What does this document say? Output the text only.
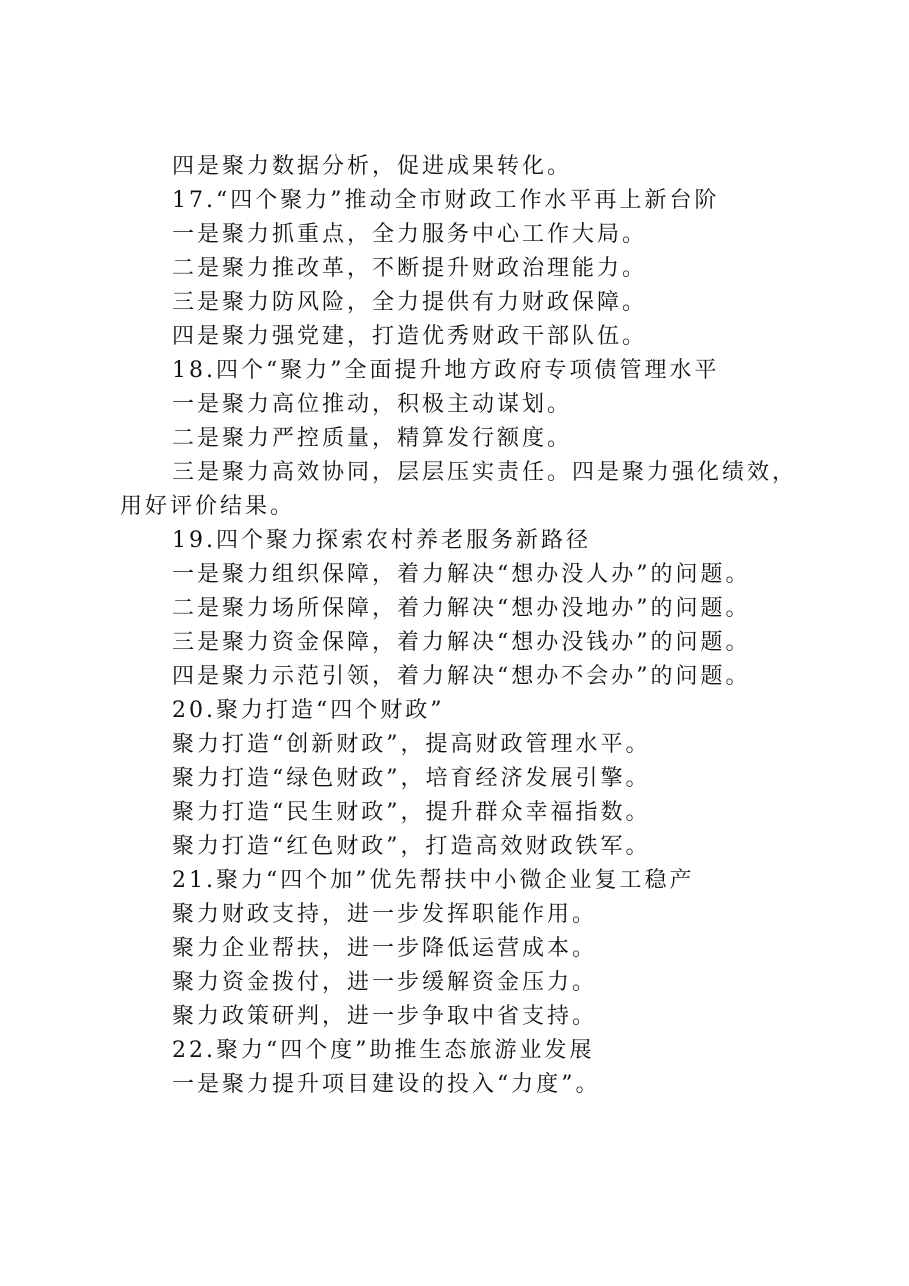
四是聚力数据分析，促进成果转化。

17.“四个聚力”推动全市财政工作水平再上新台阶

一是聚力抓重点，全力服务中心工作大局。

二是聚力推改革，不断提升财政治理能力。

三是聚力防风险，全力提供有力财政保障。

四是聚力强党建，打造优秀财政干部队伍。

18.四个“聚力”全面提升地方政府专项债管理水平

一是聚力高位推动，积极主动谋划。

二是聚力严控质量，精算发行额度。

三是聚力高效协同，层层压实责任。四是聚力强化绩效，用好评价结果。

19.四个聚力探索农村养老服务新路径

一是聚力组织保障，着力解决“想办没人办”的问题。

二是聚力场所保障，着力解决“想办没地办”的问题。

三是聚力资金保障，着力解决“想办没钱办”的问题。

四是聚力示范引领，着力解决“想办不会办”的问题。

20.聚力打造“四个财政”

聚力打造“创新财政”，提高财政管理水平。

聚力打造“绿色财政”，培育经济发展引擎。

聚力打造“民生财政”，提升群众幸福指数。

聚力打造“红色财政”，打造高效财政铁军。

21.聚力“四个加”优先帮扶中小微企业复工稳产

聚力财政支持，进一步发挥职能作用。

聚力企业帮扶，进一步降低运营成本。

聚力资金拨付，进一步缓解资金压力。

聚力政策研判，进一步争取中省支持。

22.聚力“四个度”助推生态旅游业发展

一是聚力提升项目建设的投入“力度”。
